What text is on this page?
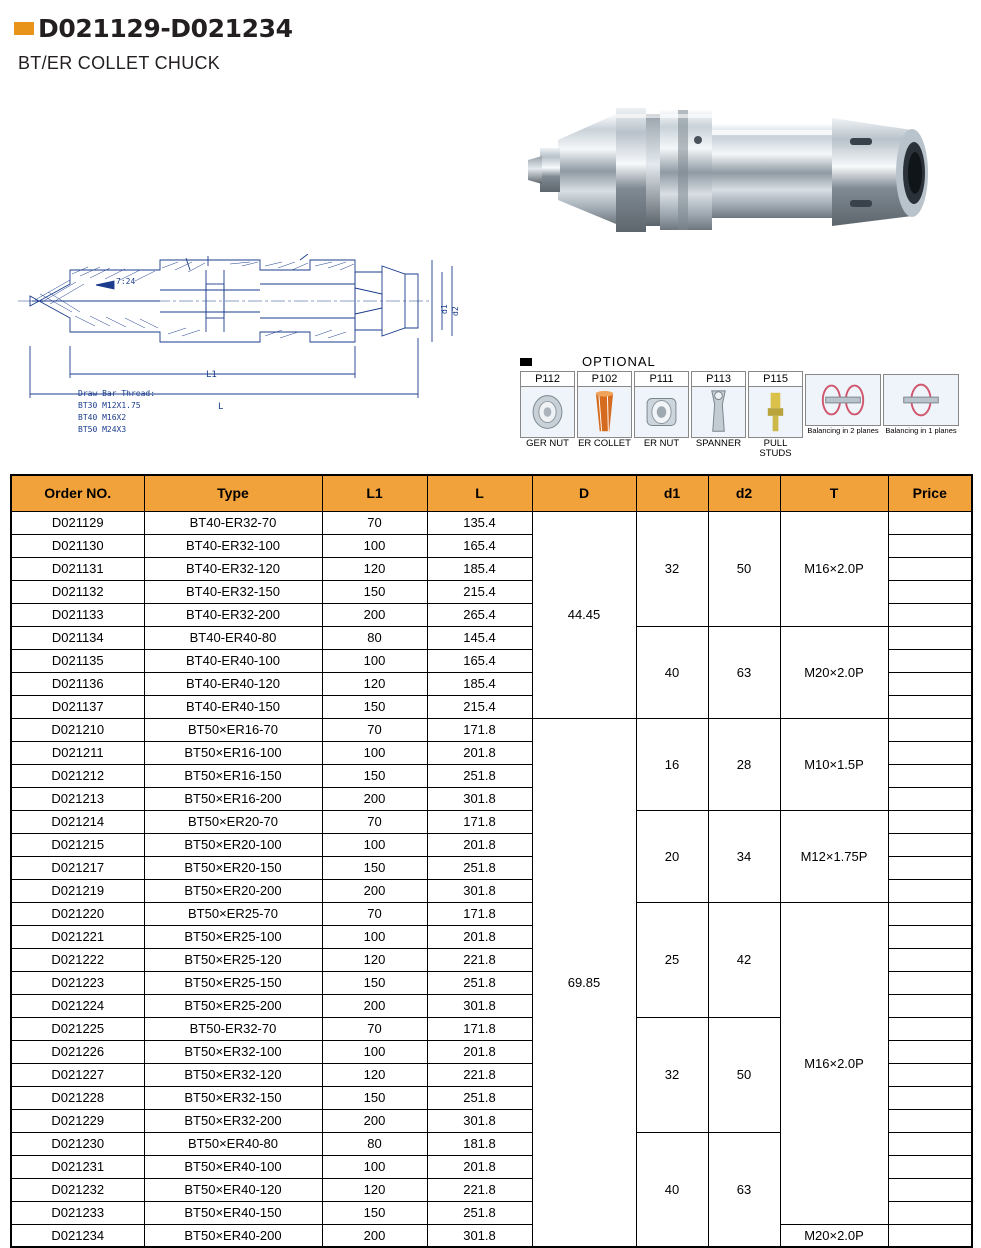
D021129-D021234
BT/ER COLLET CHUCK
7:24
L1
L
d1 d2
Draw Bar Thread:
BT30 M12X1.75
BT40 M16X2
BT50 M24X3
OPTIONAL
P112
GER NUT
P102
ER COLLET
P111
ER NUT
P113
SPANNER
P115
PULL STUDS
Balancing in 2 planes Balancing in 1 planes
Order NO.	Type	L1	L	D	d1	d2	T	Price
D021129	BT40-ER32-70	70	135.4	44.45	32	50	M16×2.0P	
D021130	BT40-ER32-100	100	165.4					
D021131	BT40-ER32-120	120	185.4					
D021132	BT40-ER32-150	150	215.4					
D021133	BT40-ER32-200	200	265.4					
D021134	BT40-ER40-80	80	145.4		40	63	M20×2.0P	
D021135	BT40-ER40-100	100	165.4					
D021136	BT40-ER40-120	120	185.4					
D021137	BT40-ER40-150	150	215.4					
D021210	BT50×ER16-70	70	171.8	69.85	16	28	M10×1.5P	
D021211	BT50×ER16-100	100	201.8					
D021212	BT50×ER16-150	150	251.8					
D021213	BT50×ER16-200	200	301.8					
D021214	BT50×ER20-70	70	171.8		20	34	M12×1.75P	
D021215	BT50×ER20-100	100	201.8					
D021217	BT50×ER20-150	150	251.8					
D021219	BT50×ER20-200	200	301.8					
D021220	BT50×ER25-70	70	171.8		25	42	M16×2.0P	
D021221	BT50×ER25-100	100	201.8					
D021222	BT50×ER25-120	120	221.8					
D021223	BT50×ER25-150	150	251.8					
D021224	BT50×ER25-200	200	301.8					
D021225	BT50-ER32-70	70	171.8		32	50		
D021226	BT50×ER32-100	100	201.8					
D021227	BT50×ER32-120	120	221.8					
D021228	BT50×ER32-150	150	251.8					
D021229	BT50×ER32-200	200	301.8					
D021230	BT50×ER40-80	80	181.8		40	63		
D021231	BT50×ER40-100	100	201.8					
D021232	BT50×ER40-120	120	221.8					
D021233	BT50×ER40-150	150	251.8					
D021234	BT50×ER40-200	200	301.8				M20×2.0P	
